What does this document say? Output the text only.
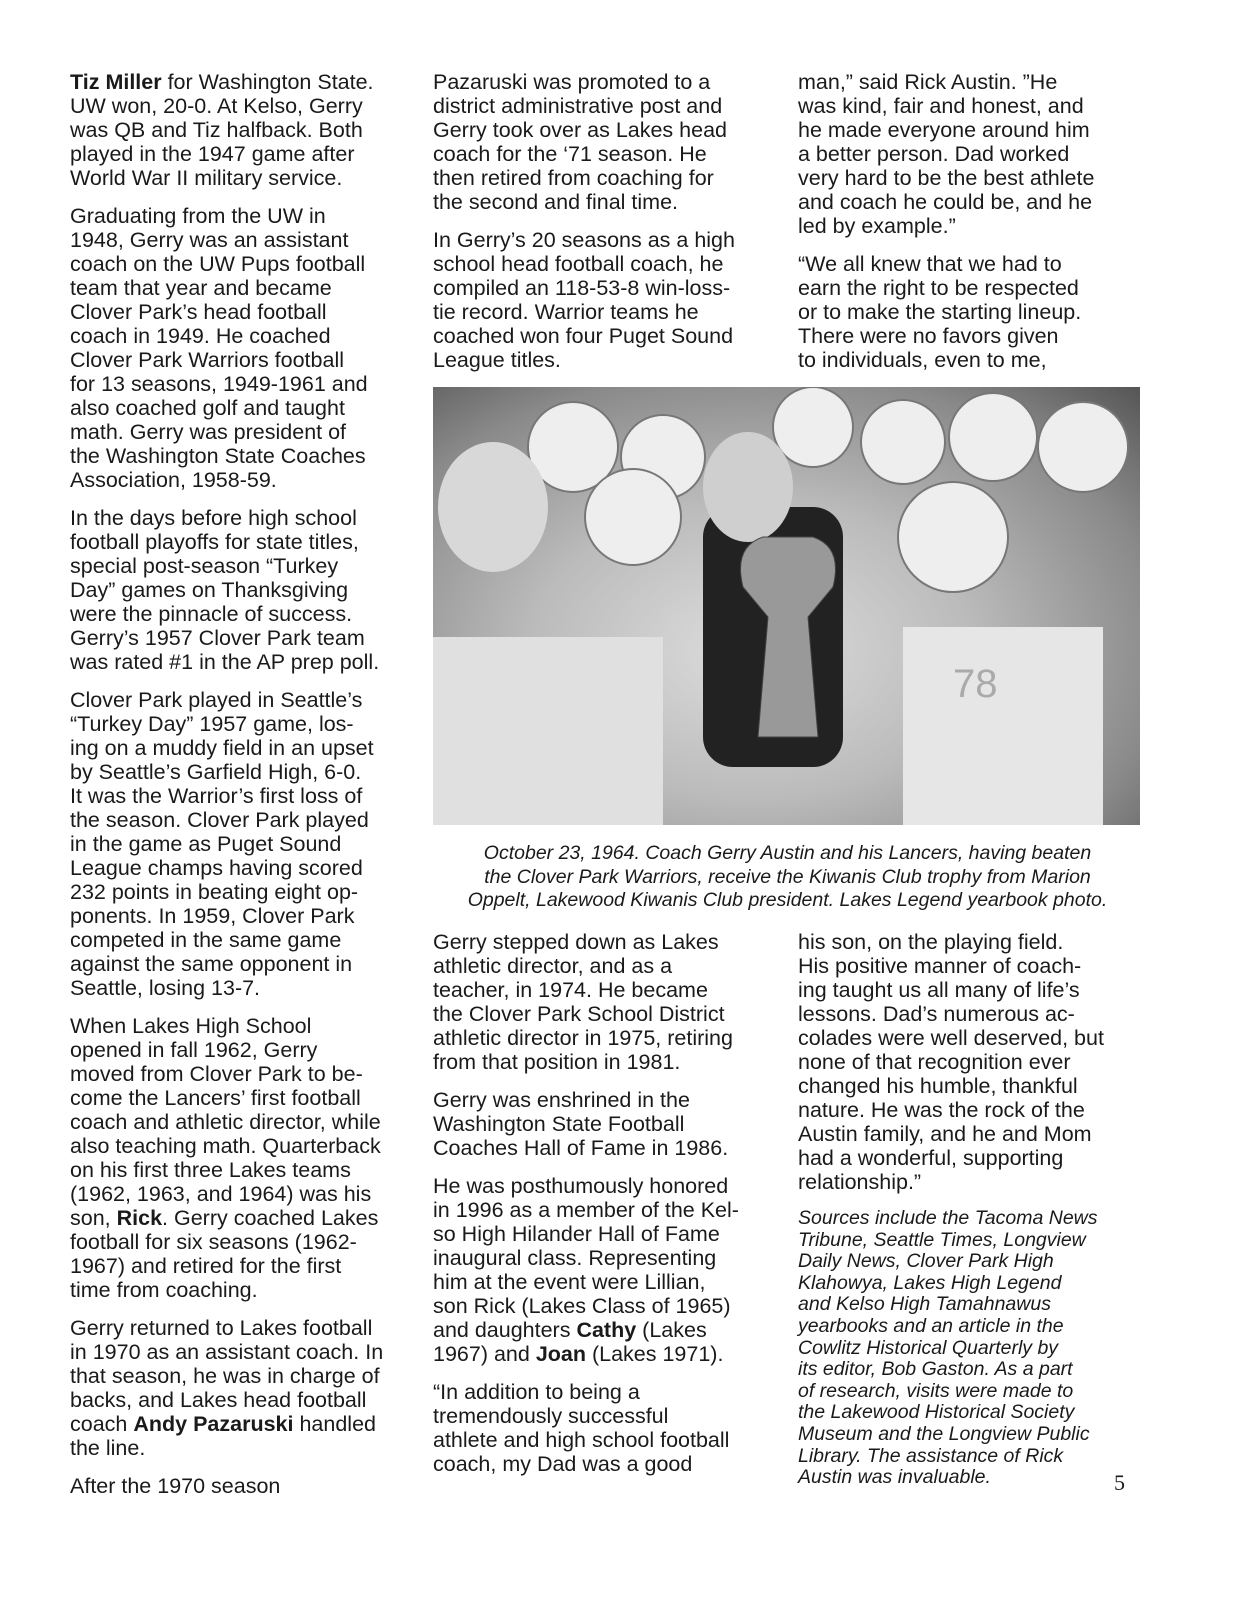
Tiz Miller for Washington State.
UW won, 20-0. At Kelso, Gerry
was QB and Tiz halfback. Both
played in the 1947 game after
World War II military service.

Graduating from the UW in
1948, Gerry was an assistant
coach on the UW Pups football
team that year and became
Clover Park’s head football
coach in 1949. He coached
Clover Park Warriors football
for 13 seasons, 1949-1961 and
also coached golf and taught
math. Gerry was president of
the Washington State Coaches
Association, 1958-59.

In the days before high school
football playoffs for state titles,
special post-season “Turkey
Day” games on Thanksgiving
were the pinnacle of success.
Gerry’s 1957 Clover Park team
was rated #1 in the AP prep poll.

Clover Park played in Seattle’s
“Turkey Day” 1957 game, los-
ing on a muddy field in an upset
by Seattle’s Garfield High, 6-0.
It was the Warrior’s first loss of
the season. Clover Park played
in the game as Puget Sound
League champs having scored
232 points in beating eight op-
ponents. In 1959, Clover Park
competed in the same game
against the same opponent in
Seattle, losing 13-7.

When Lakes High School
opened in fall 1962, Gerry
moved from Clover Park to be-
come the Lancers’ first football
coach and athletic director, while
also teaching math. Quarterback
on his first three Lakes teams
(1962, 1963, and 1964) was his
son, Rick. Gerry coached Lakes
football for six seasons (1962-
1967) and retired for the first
time from coaching.

Gerry returned to Lakes football
in 1970 as an assistant coach. In
that season, he was in charge of
backs, and Lakes head football
coach Andy Pazaruski handled
the line.

After the 1970 season

Pazaruski was promoted to a
district administrative post and
Gerry took over as Lakes head
coach for the ‘71 season. He
then retired from coaching for
the second and final time.

In Gerry’s 20 seasons as a high
school head football coach, he
compiled an 118-53-8 win-loss-
tie record. Warrior teams he
coached won four Puget Sound
League titles.

man,” said Rick Austin. ”He
was kind, fair and honest, and
he made everyone around him
a better person. Dad worked
very hard to be the best athlete
and coach he could be, and he
led by example.”

“We all knew that we had to
earn the right to be respected
or to make the starting lineup.
There were no favors given
to individuals, even to me,

78
October 23, 1964. Coach Gerry Austin and his Lancers, having beaten
the Clover Park Warriors, receive the Kiwanis Club trophy from Marion
Oppelt, Lakewood Kiwanis Club president. Lakes Legend yearbook photo.

Gerry stepped down as Lakes
athletic director, and as a
teacher, in 1974. He became
the Clover Park School District
athletic director in 1975, retiring
from that position in 1981.

Gerry was enshrined in the
Washington State Football
Coaches Hall of Fame in 1986.

He was posthumously honored
in 1996 as a member of the Kel-
so High Hilander Hall of Fame
inaugural class. Representing
him at the event were Lillian,
son Rick (Lakes Class of 1965)
and daughters Cathy (Lakes
1967) and Joan (Lakes 1971).

“In addition to being a
tremendously successful
athlete and high school football
coach, my Dad was a good

his son, on the playing field.
His positive manner of coach-
ing taught us all many of life’s
lessons. Dad’s numerous ac-
colades were well deserved, but
none of that recognition ever
changed his humble, thankful
nature. He was the rock of the
Austin family, and he and Mom
had a wonderful, supporting
relationship.”

Sources include the Tacoma News
Tribune, Seattle Times, Longview
Daily News, Clover Park High
Klahowya, Lakes High Legend
and Kelso High Tamahnawus
yearbooks and an article in the
Cowlitz Historical Quarterly by
its editor, Bob Gaston. As a part
of research, visits were made to
the Lakewood Historical Society
Museum and the Longview Public
Library. The assistance of Rick
Austin was invaluable.	5
